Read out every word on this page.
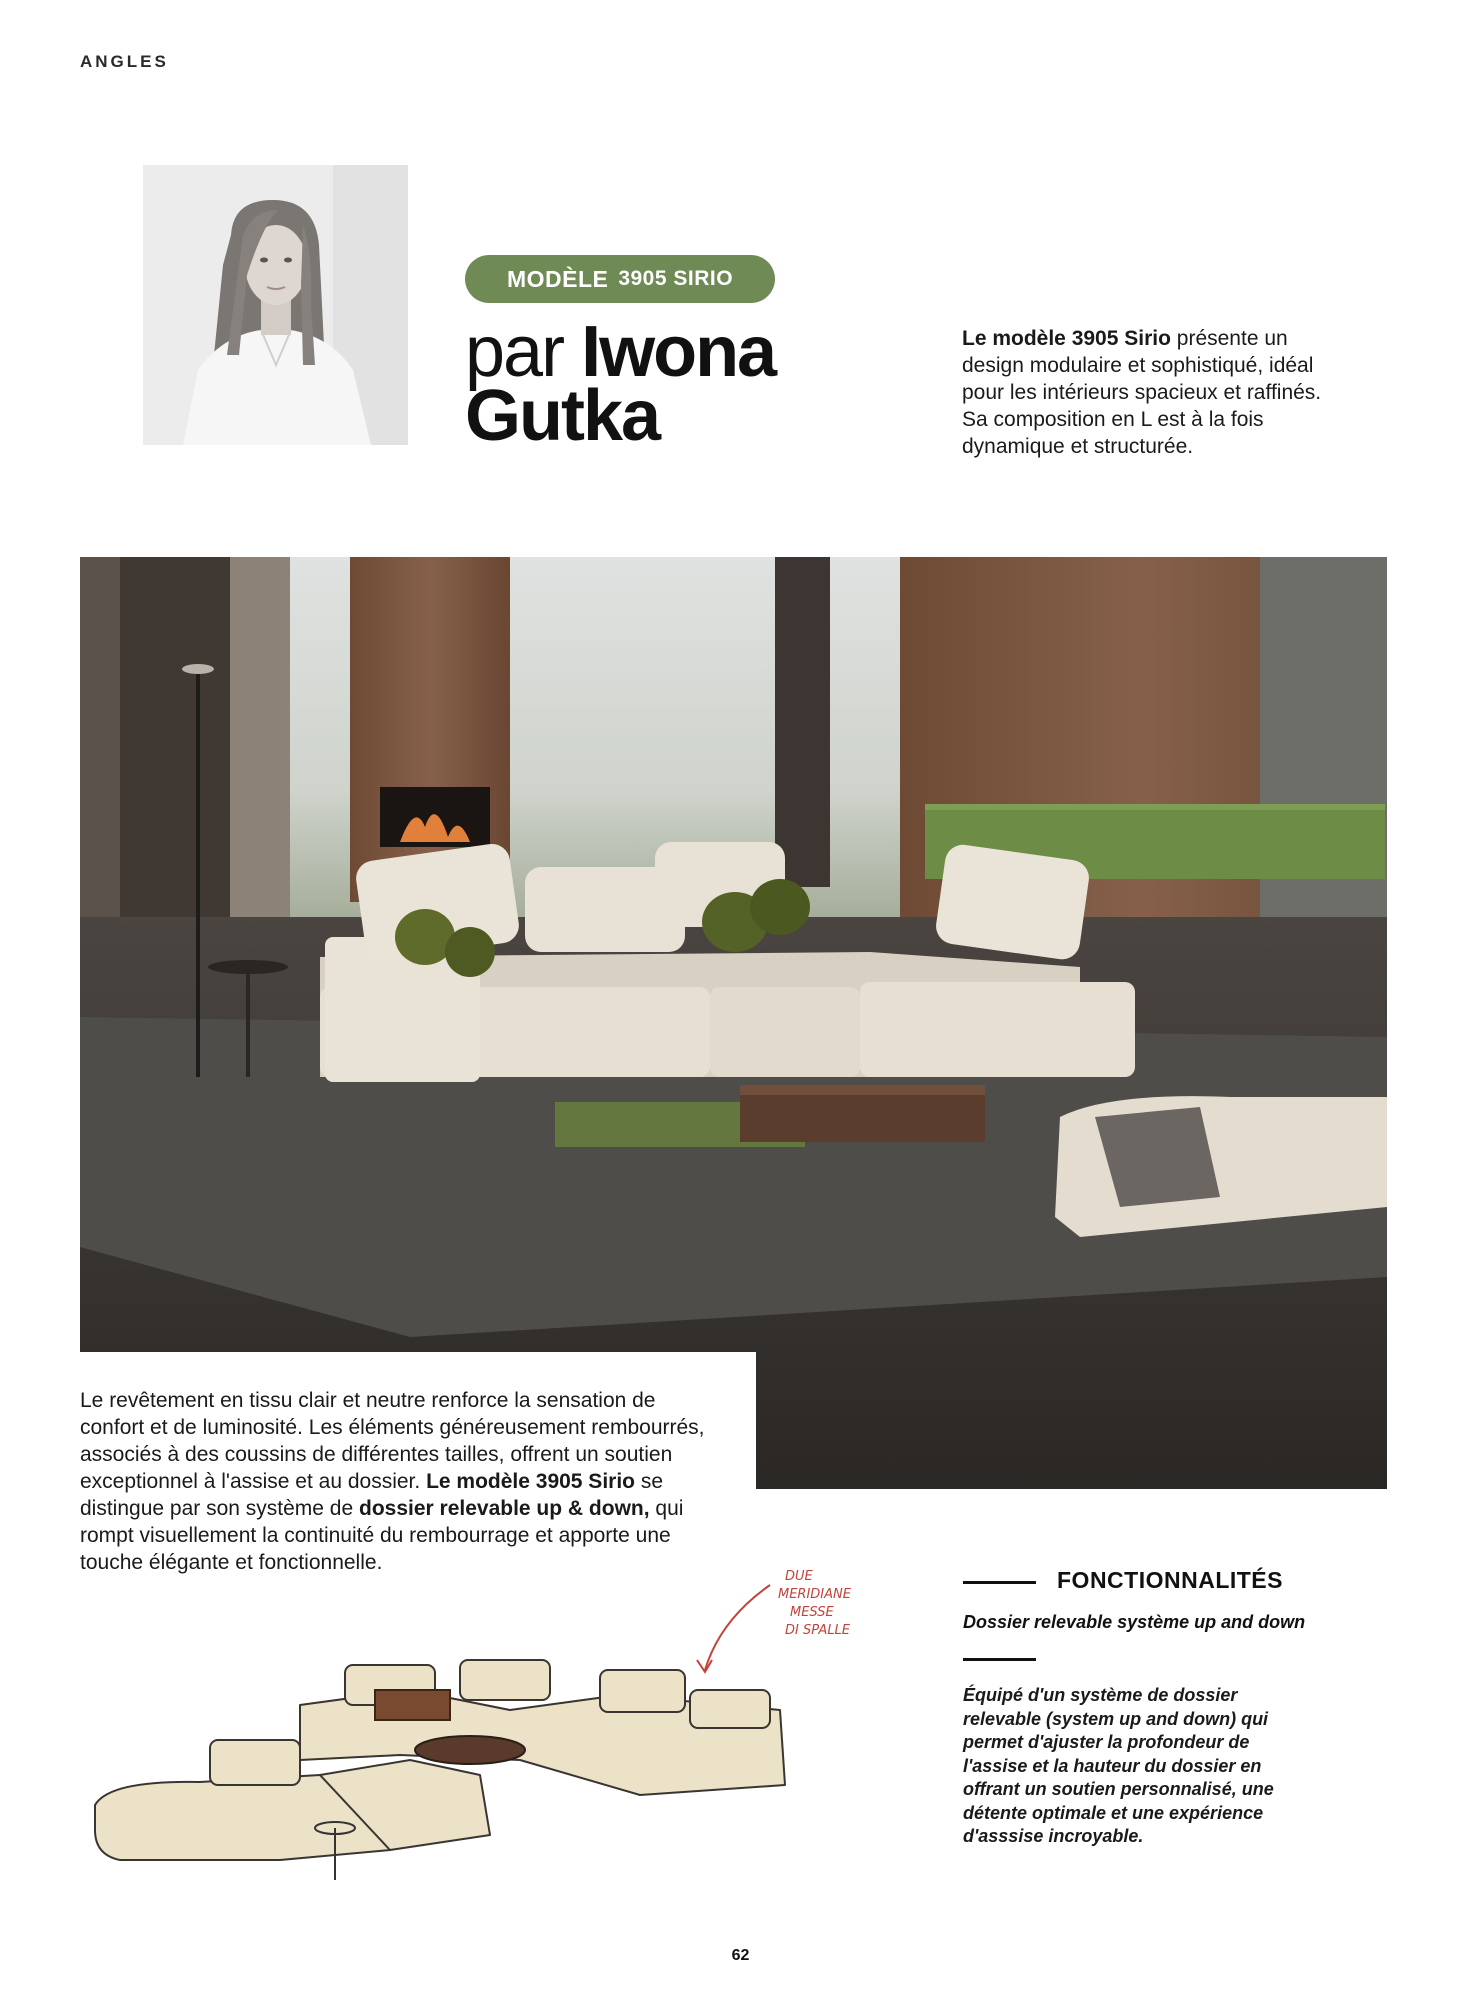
ANGLES
MODÈLE 3905 SIRIO
par Iwona
Gutka
Le modèle 3905 Sirio présente un design modulaire et sophistiqué, idéal pour les intérieurs spacieux et raffinés. Sa composition en L est à la fois dynamique et structurée.
Le revêtement en tissu clair et neutre renforce la sensation de confort et de luminosité. Les éléments généreusement rembourrés, associés à des coussins de différentes tailles, offrent un soutien exceptionnel à l'assise et au dossier. Le modèle 3905 Sirio se distingue par son système de dossier relevable up & down, qui rompt visuellement la continuité du rembourrage et apporte une touche élégante et fonctionnelle.
DUE
MERIDIANE
MESSE
DI SPALLE
FONCTIONNALITÉS
Dossier relevable système up and down
Équipé d'un système de dossier relevable (system up and down) qui permet d'ajuster la profondeur de l'assise et la hauteur du dossier en offrant un soutien personnalisé, une détente optimale et une expérience d'asssise incroyable.
62
